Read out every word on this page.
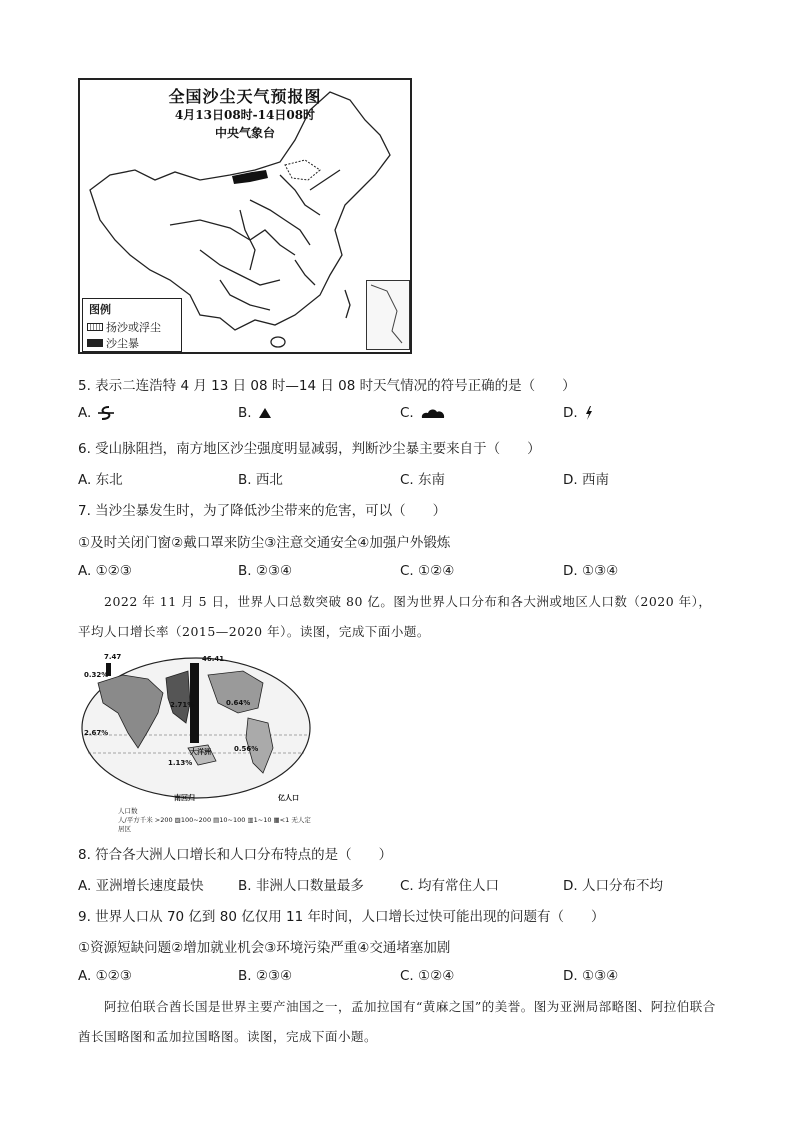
全国沙尘天气预报图
4月13日08时-14日08时
中央气象台
图例
扬沙或浮尘
沙尘暴
5. 表示二连浩特 4 月 13 日 08 时—14 日 08 时天气情况的符号正确的是（　　）
A.	B.	C.	D.
6. 受山脉阻挡，南方地区沙尘强度明显减弱，判断沙尘暴主要来自于（　　）
A. 东北	B. 西北	C. 东南	D. 西南
7. 当沙尘暴发生时，为了降低沙尘带来的危害，可以（　　）
①及时关闭门窗②戴口罩来防尘③注意交通安全④加强户外锻炼
A. ①②③	B. ②③④	C. ①②④	D. ①③④
2022 年 11 月 5 日，世界人口总数突破 80 亿。图为世界人口分布和各大洲或地区人口数（2020 年），平均人口增长率（2015—2020 年）。读图，完成下面小题。
7.47	46.41
0.32%
2.67%
0.64%
0.56%
1.13%
2.71%
大洋洲
南回归	亿人口
人口数
人/平方千米 >200 ▨100~200 ▤10~100 ▥1~10 ▦<1 无人定居区
8. 符合各大洲人口增长和人口分布特点的是（　　）
A. 亚洲增长速度最快	B. 非洲人口数量最多	C. 均有常住人口	D. 人口分布不均
9. 世界人口从 70 亿到 80 亿仅用 11 年时间，人口增长过快可能出现的问题有（　　）
①资源短缺问题②增加就业机会③环境污染严重④交通堵塞加剧
A. ①②③	B. ②③④	C. ①②④	D. ①③④
阿拉伯联合酋长国是世界主要产油国之一，孟加拉国有“黄麻之国”的美誉。图为亚洲局部略图、阿拉伯联合酋长国略图和孟加拉国略图。读图，完成下面小题。
